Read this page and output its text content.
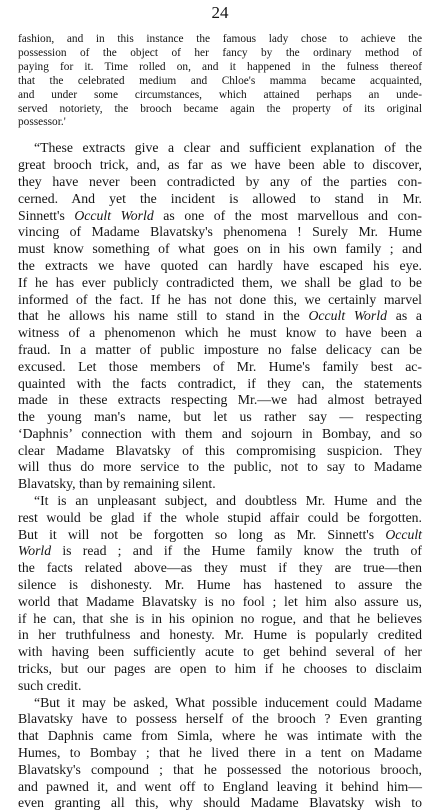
24
fashion, and in this instance the famous lady chose to achieve the
possession of the object of her fancy by the ordinary method of
paying for it. Time rolled on, and it happened in the fulness thereof
that the celebrated medium and Chloe's mamma became acquainted,
and under some circumstances, which attained perhaps an unde-
served notoriety, the brooch became again the property of its original
possessor.'
“These extracts give a clear and sufficient explanation of the
great brooch trick, and, as far as we have been able to discover,
they have never been contradicted by any of the parties con-
cerned. And yet the incident is allowed to stand in Mr.
Sinnett's Occult World as one of the most marvellous and con-
vincing of Madame Blavatsky's phenomena ! Surely Mr. Hume
must know something of what goes on in his own family ; and
the extracts we have quoted can hardly have escaped his eye.
If he has ever publicly contradicted them, we shall be glad to be
informed of the fact. If he has not done this, we certainly marvel
that he allows his name still to stand in the Occult World as a
witness of a phenomenon which he must know to have been a
fraud. In a matter of public imposture no false delicacy can be
excused. Let those members of Mr. Hume's family best ac-
quainted with the facts contradict, if they can, the statements
made in these extracts respecting Mr.—we had almost betrayed
the young man's name, but let us rather say — respecting
‘Daphnis’ connection with them and sojourn in Bombay, and so
clear Madame Blavatsky of this compromising suspicion. They
will thus do more service to the public, not to say to Madame
Blavatsky, than by remaining silent.
“It is an unpleasant subject, and doubtless Mr. Hume and the
rest would be glad if the whole stupid affair could be forgotten.
But it will not be forgotten so long as Mr. Sinnett's Occult
World is read ; and if the Hume family know the truth of
the facts related above—as they must if they are true—then
silence is dishonesty. Mr. Hume has hastened to assure the
world that Madame Blavatsky is no fool ; let him also assure us,
if he can, that she is in his opinion no rogue, and that he believes
in her truthfulness and honesty. Mr. Hume is popularly credited
with having been sufficiently acute to get behind several of her
tricks, but our pages are open to him if he chooses to disclaim
such credit.
“But it may be asked, What possible inducement could Madame
Blavatsky have to possess herself of the brooch ? Even granting
that Daphnis came from Simla, where he was intimate with the
Humes, to Bombay ; that he lived there in a tent on Madame
Blavatsky's compound ; that he possessed the notorious brooch,
and pawned it, and went off to England leaving it behind him—
even granting all this, why should Madame Blavatsky wish to
